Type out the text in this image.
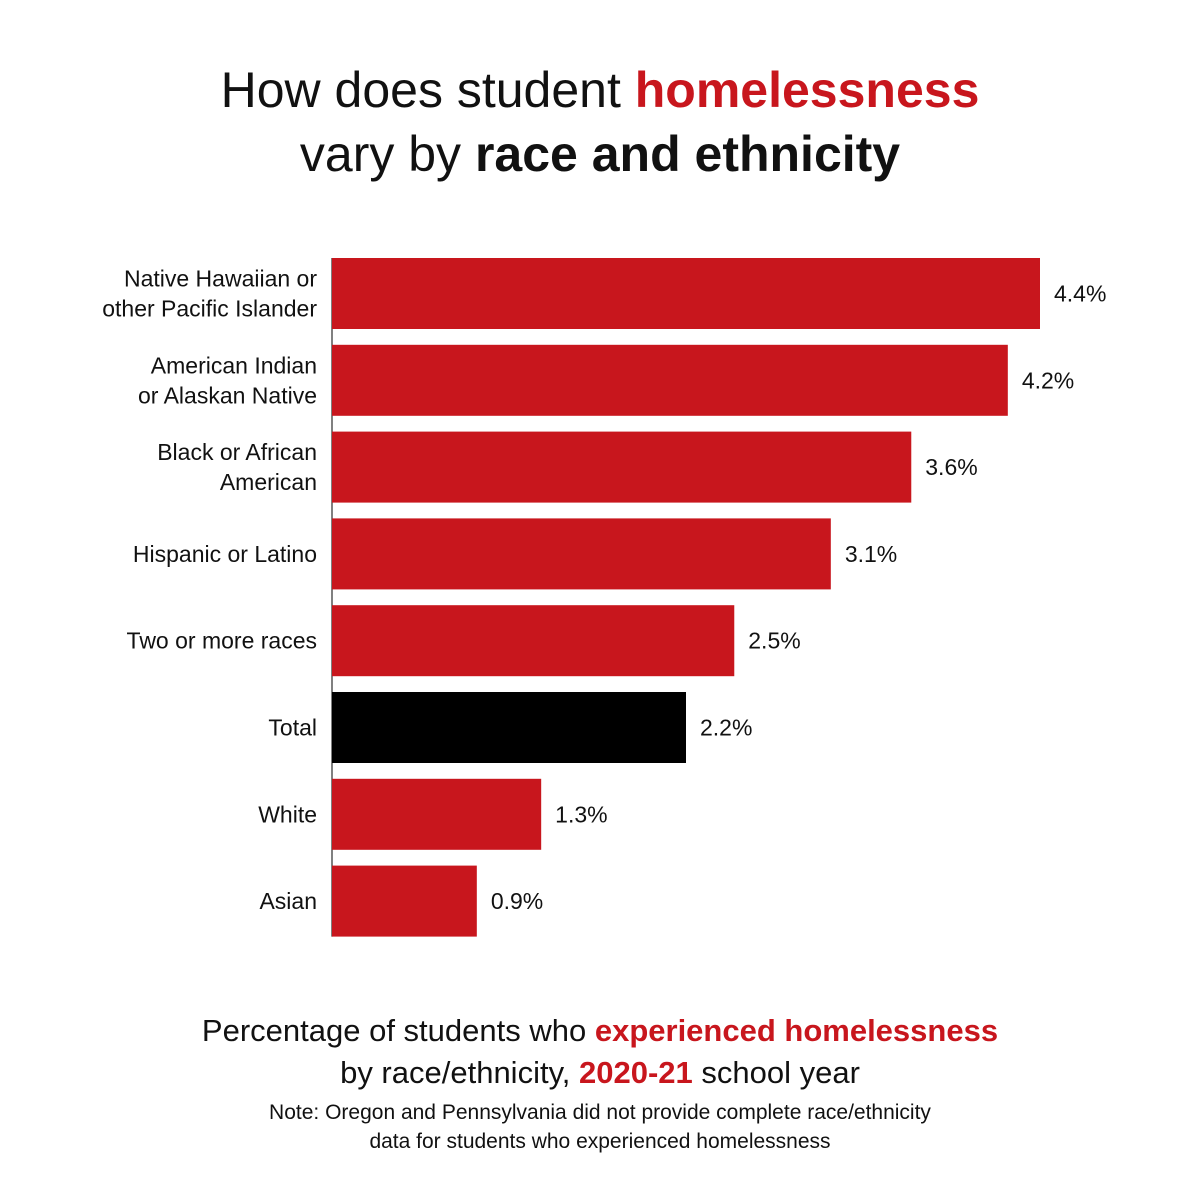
How does student homelessness
vary by race and ethnicity
4.4%
Native Hawaiian or other Pacific Islander
4.2%
American Indian or Alaskan Native
3.6%
Black or African American
3.1%
Hispanic or Latino
2.5%
Two or more races
2.2%
Total
1.3%
White
0.9%
Asian
Percentage of students who experienced homelessness
by race/ethnicity, 2020-21 school year
Note: Oregon and Pennsylvania did not provide complete race/ethnicity
data for students who experienced homelessness
